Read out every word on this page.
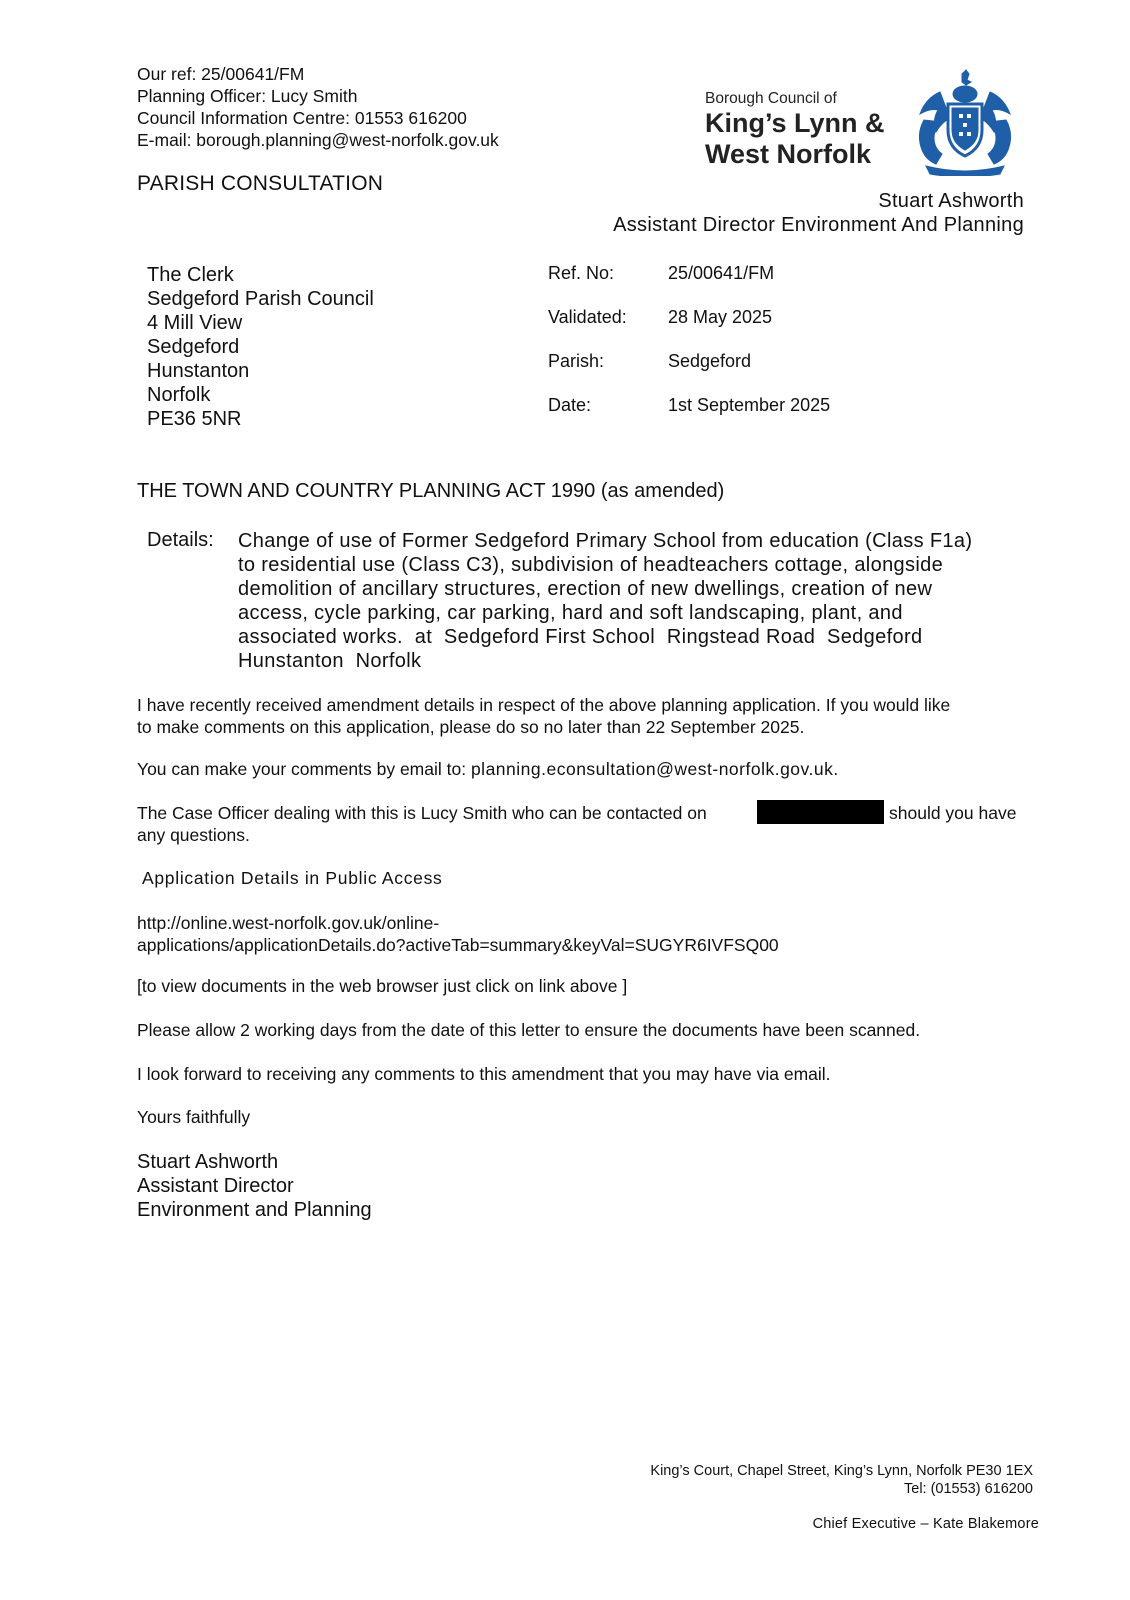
Our ref: 25/00641/FM
Planning Officer: Lucy Smith
Council Information Centre: 01553 616200
E-mail: borough.planning@west-norfolk.gov.uk
PARISH CONSULTATION
Borough Council of
King’s Lynn &
West Norfolk
Stuart Ashworth
Assistant Director Environment And Planning
The Clerk
Sedgeford Parish Council
4 Mill View
Sedgeford
Hunstanton
Norfolk
PE36 5NR
Ref. No:	25/00641/FM
Validated: 28 May 2025
Parish:	Sedgeford
Date:	1st September 2025
THE TOWN AND COUNTRY PLANNING ACT 1990 (as amended)
Details: Change of use of Former Sedgeford Primary School from education (Class F1a)
to residential use (Class C3), subdivision of headteachers cottage, alongside
demolition of ancillary structures, erection of new dwellings, creation of new
access, cycle parking, car parking, hard and soft landscaping, plant, and
associated works.  at  Sedgeford First School  Ringstead Road  Sedgeford
Hunstanton  Norfolk
I have recently received amendment details in respect of the above planning application. If you would like
to make comments on this application, please do so no later than 22 September 2025.
You can make your comments by email to: planning.econsultation@west-norfolk.gov.uk.
The Case Officer dealing with this is Lucy Smith who can be contacted on	should you have
any questions.
Application Details in Public Access
http://online.west-norfolk.gov.uk/online-
applications/applicationDetails.do?activeTab=summary&keyVal=SUGYR6IVFSQ00
[to view documents in the web browser just click on link above ]
Please allow 2 working days from the date of this letter to ensure the documents have been scanned.
I look forward to receiving any comments to this amendment that you may have via email.
Yours faithfully
Stuart Ashworth
Assistant Director
Environment and Planning
King’s Court, Chapel Street, King’s Lynn, Norfolk PE30 1EX
Tel: (01553) 616200
Chief Executive – Kate Blakemore
